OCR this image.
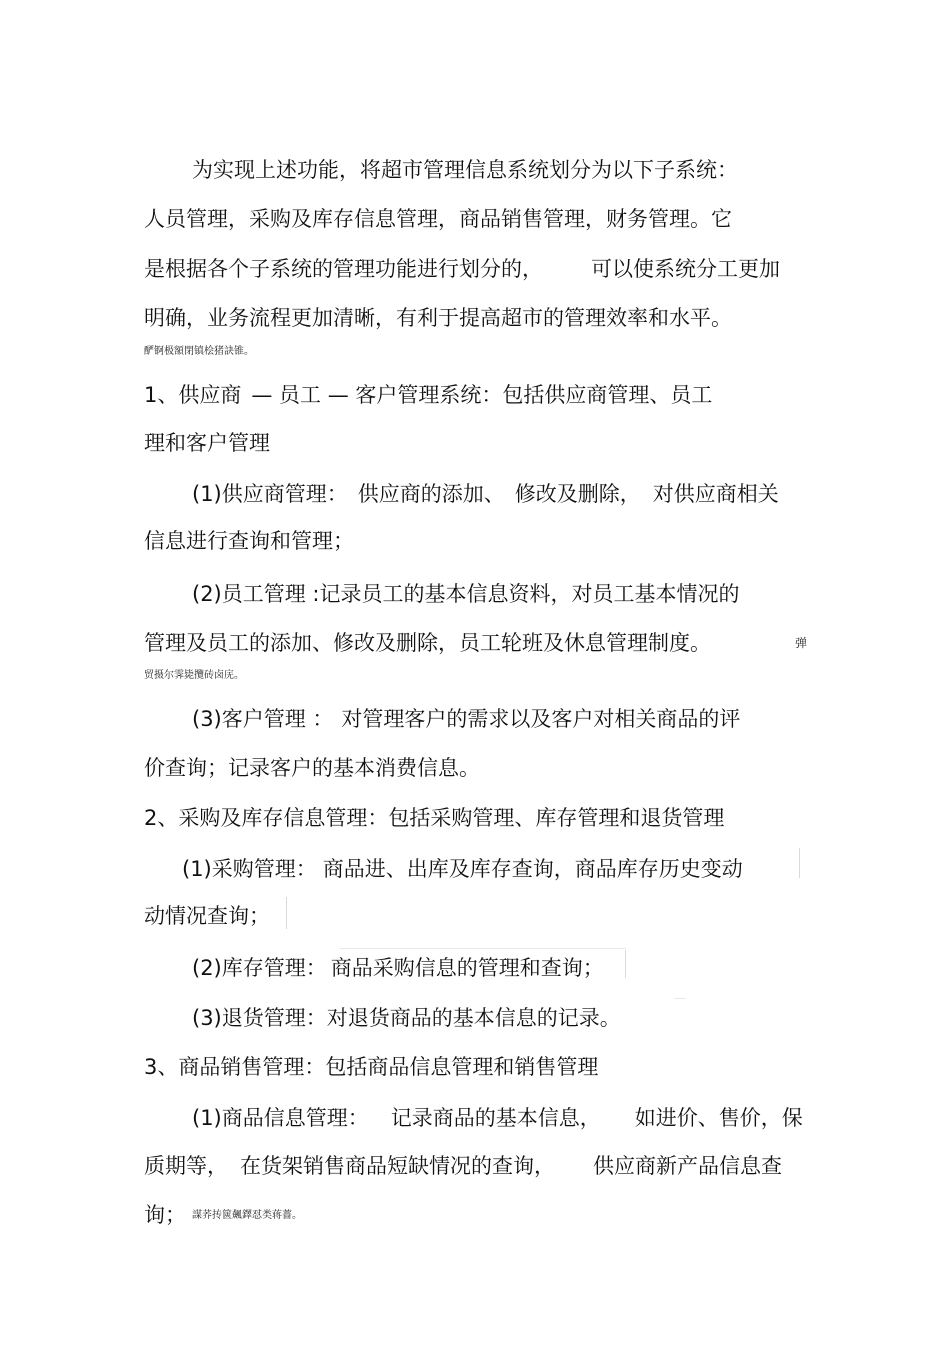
为实现上述功能，将超市管理信息系统划分为以下子系统：
人员管理，采购及库存信息管理，商品销售管理，财务管理。它
是根据各个子系统的管理功能进行划分的， 可以使系统分工更加
明确，业务流程更加清晰，有利于提高超市的管理效率和水平。
酽锕极額閉镇桧猪訣锥。
1、供应商 — 员工 — 客户管理系统：包括供应商管理、员工
理和客户管理
(1)供应商管理： 供应商的添加、 修改及删除， 对供应商相关
信息进行查询和管理；
(2)员工管理 :记录员工的基本信息资料，对员工基本情况的
管理及员工的添加、修改及删除，员工轮班及休息管理制度。	弹
贸摄尔霁毙攬砖卤庑。
(3)客户管理 ： 对管理客户的需求以及客户对相关商品的评
价查询；记录客户的基本消费信息。
2、采购及库存信息管理：包括采购管理、库存管理和退货管理
(1)采购管理： 商品进、出库及库存查询，商品库存历史变动
动情况查询；
(2)库存管理： 商品采购信息的管理和查询；
(3)退货管理：对退货商品的基本信息的记录。
3、商品销售管理：包括商品信息管理和销售管理
(1)商品信息管理： 记录商品的基本信息， 如进价、售价，保
质期等， 在货架销售商品短缺情况的查询， 供应商新产品信息查
询； 謀荞抟篋飆鐸怼类蒋薔。
